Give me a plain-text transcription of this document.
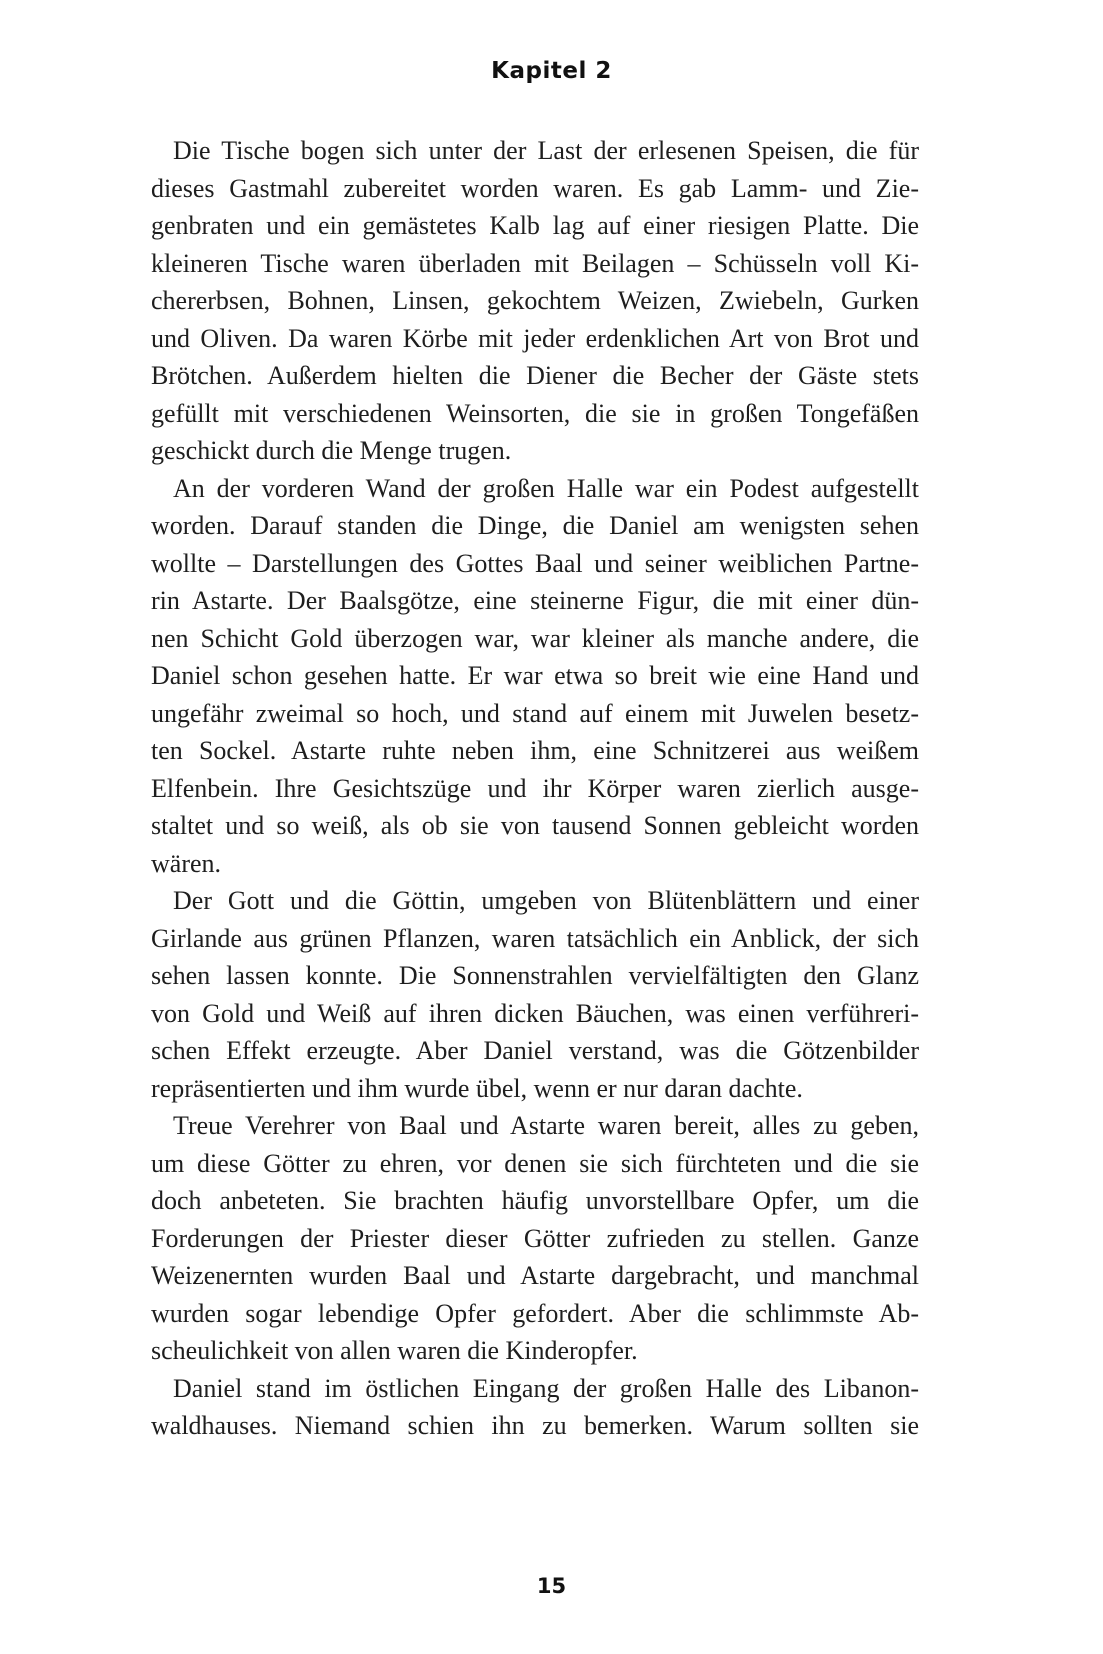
Kapitel 2
Die Tische bogen sich unter der Last der erlesenen Speisen, die für
dieses Gastmahl zubereitet worden waren. Es gab Lamm- und Zie-
genbraten und ein gemästetes Kalb lag auf einer riesigen Platte. Die
kleineren Tische waren überladen mit Beilagen – Schüsseln voll Ki-
chererbsen, Bohnen, Linsen, gekochtem Weizen, Zwiebeln, Gurken
und Oliven. Da waren Körbe mit jeder erdenklichen Art von Brot und
Brötchen. Außerdem hielten die Diener die Becher der Gäste stets
gefüllt mit verschiedenen Weinsorten, die sie in großen Tongefäßen
geschickt durch die Menge trugen.
An der vorderen Wand der großen Halle war ein Podest aufgestellt
worden. Darauf standen die Dinge, die Daniel am wenigsten sehen
wollte – Darstellungen des Gottes Baal und seiner weiblichen Partne-
rin Astarte. Der Baalsgötze, eine steinerne Figur, die mit einer dün-
nen Schicht Gold überzogen war, war kleiner als manche andere, die
Daniel schon gesehen hatte. Er war etwa so breit wie eine Hand und
ungefähr zweimal so hoch, und stand auf einem mit Juwelen besetz-
ten Sockel. Astarte ruhte neben ihm, eine Schnitzerei aus weißem
Elfenbein. Ihre Gesichtszüge und ihr Körper waren zierlich ausge-
staltet und so weiß, als ob sie von tausend Sonnen gebleicht worden
wären.
Der Gott und die Göttin, umgeben von Blütenblättern und einer
Girlande aus grünen Pflanzen, waren tatsächlich ein Anblick, der sich
sehen lassen konnte. Die Sonnenstrahlen vervielfältigten den Glanz
von Gold und Weiß auf ihren dicken Bäuchen, was einen verführeri-
schen Effekt erzeugte. Aber Daniel verstand, was die Götzenbilder
repräsentierten und ihm wurde übel, wenn er nur daran dachte.
Treue Verehrer von Baal und Astarte waren bereit, alles zu geben,
um diese Götter zu ehren, vor denen sie sich fürchteten und die sie
doch anbeteten. Sie brachten häufig unvorstellbare Opfer, um die
Forderungen der Priester dieser Götter zufrieden zu stellen. Ganze
Weizenernten wurden Baal und Astarte dargebracht, und manchmal
wurden sogar lebendige Opfer gefordert. Aber die schlimmste Ab-
scheulichkeit von allen waren die Kinderopfer.
Daniel stand im östlichen Eingang der großen Halle des Libanon-
waldhauses. Niemand schien ihn zu bemerken. Warum sollten sie
15
